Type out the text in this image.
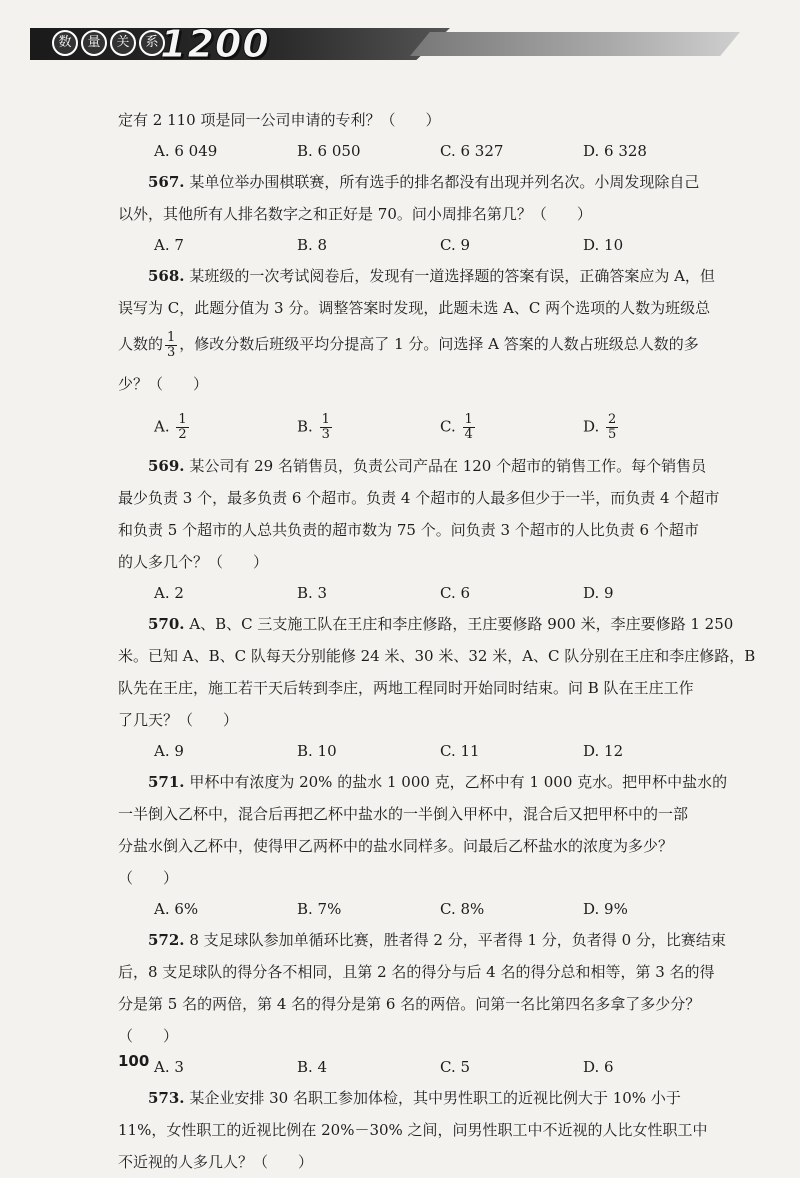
数	量	关	系 1200
定有 2 110 项是同一公司申请的专利？（　　）
A. 6 049	B. 6 050	C. 6 327	D. 6 328
567. 某单位举办围棋联赛，所有选手的排名都没有出现并列名次。小周发现除自己
以外，其他所有人排名数字之和正好是 70。问小周排名第几？（　　）
A. 7	B. 8	C. 9	D. 10
568. 某班级的一次考试阅卷后，发现有一道选择题的答案有误，正确答案应为 A，但
误写为 C，此题分值为 3 分。调整答案时发现，此题未选 A、C 两个选项的人数为班级总
人数的 $\frac{1}{3}$ ，修改分数后班级平均分提高了 1 分。问选择 A 答案的人数占班级总人数的多
少？（　　）
A. $\frac{1}{2}$	B. $\frac{1}{3}$	C. $\frac{1}{4}$	D. $\frac{2}{5}$
569. 某公司有 29 名销售员，负责公司产品在 120 个超市的销售工作。每个销售员
最少负责 3 个，最多负责 6 个超市。负责 4 个超市的人最多但少于一半，而负责 4 个超市
和负责 5 个超市的人总共负责的超市数为 75 个。问负责 3 个超市的人比负责 6 个超市
的人多几个？（　　）
A. 2	B. 3	C. 6	D. 9
570. A、B、C 三支施工队在王庄和李庄修路，王庄要修路 900 米，李庄要修路 1 250
米。已知 A、B、C 队每天分别能修 24 米、30 米、32 米，A、C 队分别在王庄和李庄修路，B
队先在王庄，施工若干天后转到李庄，两地工程同时开始同时结束。问 B 队在王庄工作
了几天？（　　）
A. 9	B. 10	C. 11	D. 12
571. 甲杯中有浓度为 20% 的盐水 1 000 克，乙杯中有 1 000 克水。把甲杯中盐水的
一半倒入乙杯中，混合后再把乙杯中盐水的一半倒入甲杯中，混合后又把甲杯中的一部
分盐水倒入乙杯中，使得甲乙两杯中的盐水同样多。问最后乙杯盐水的浓度为多少？
（　　）
A. 6%	B. 7%	C. 8%	D. 9%
572. 8 支足球队参加单循环比赛，胜者得 2 分，平者得 1 分，负者得 0 分，比赛结束
后，8 支足球队的得分各不相同，且第 2 名的得分与后 4 名的得分总和相等，第 3 名的得
分是第 5 名的两倍，第 4 名的得分是第 6 名的两倍。问第一名比第四名多拿了多少分？
（　　）
A. 3	B. 4	C. 5	D. 6
573. 某企业安排 30 名职工参加体检，其中男性职工的近视比例大于 10% 小于
11%，女性职工的近视比例在 20%－30% 之间，问男性职工中不近视的人比女性职工中
不近视的人多几人？（　　）
100
